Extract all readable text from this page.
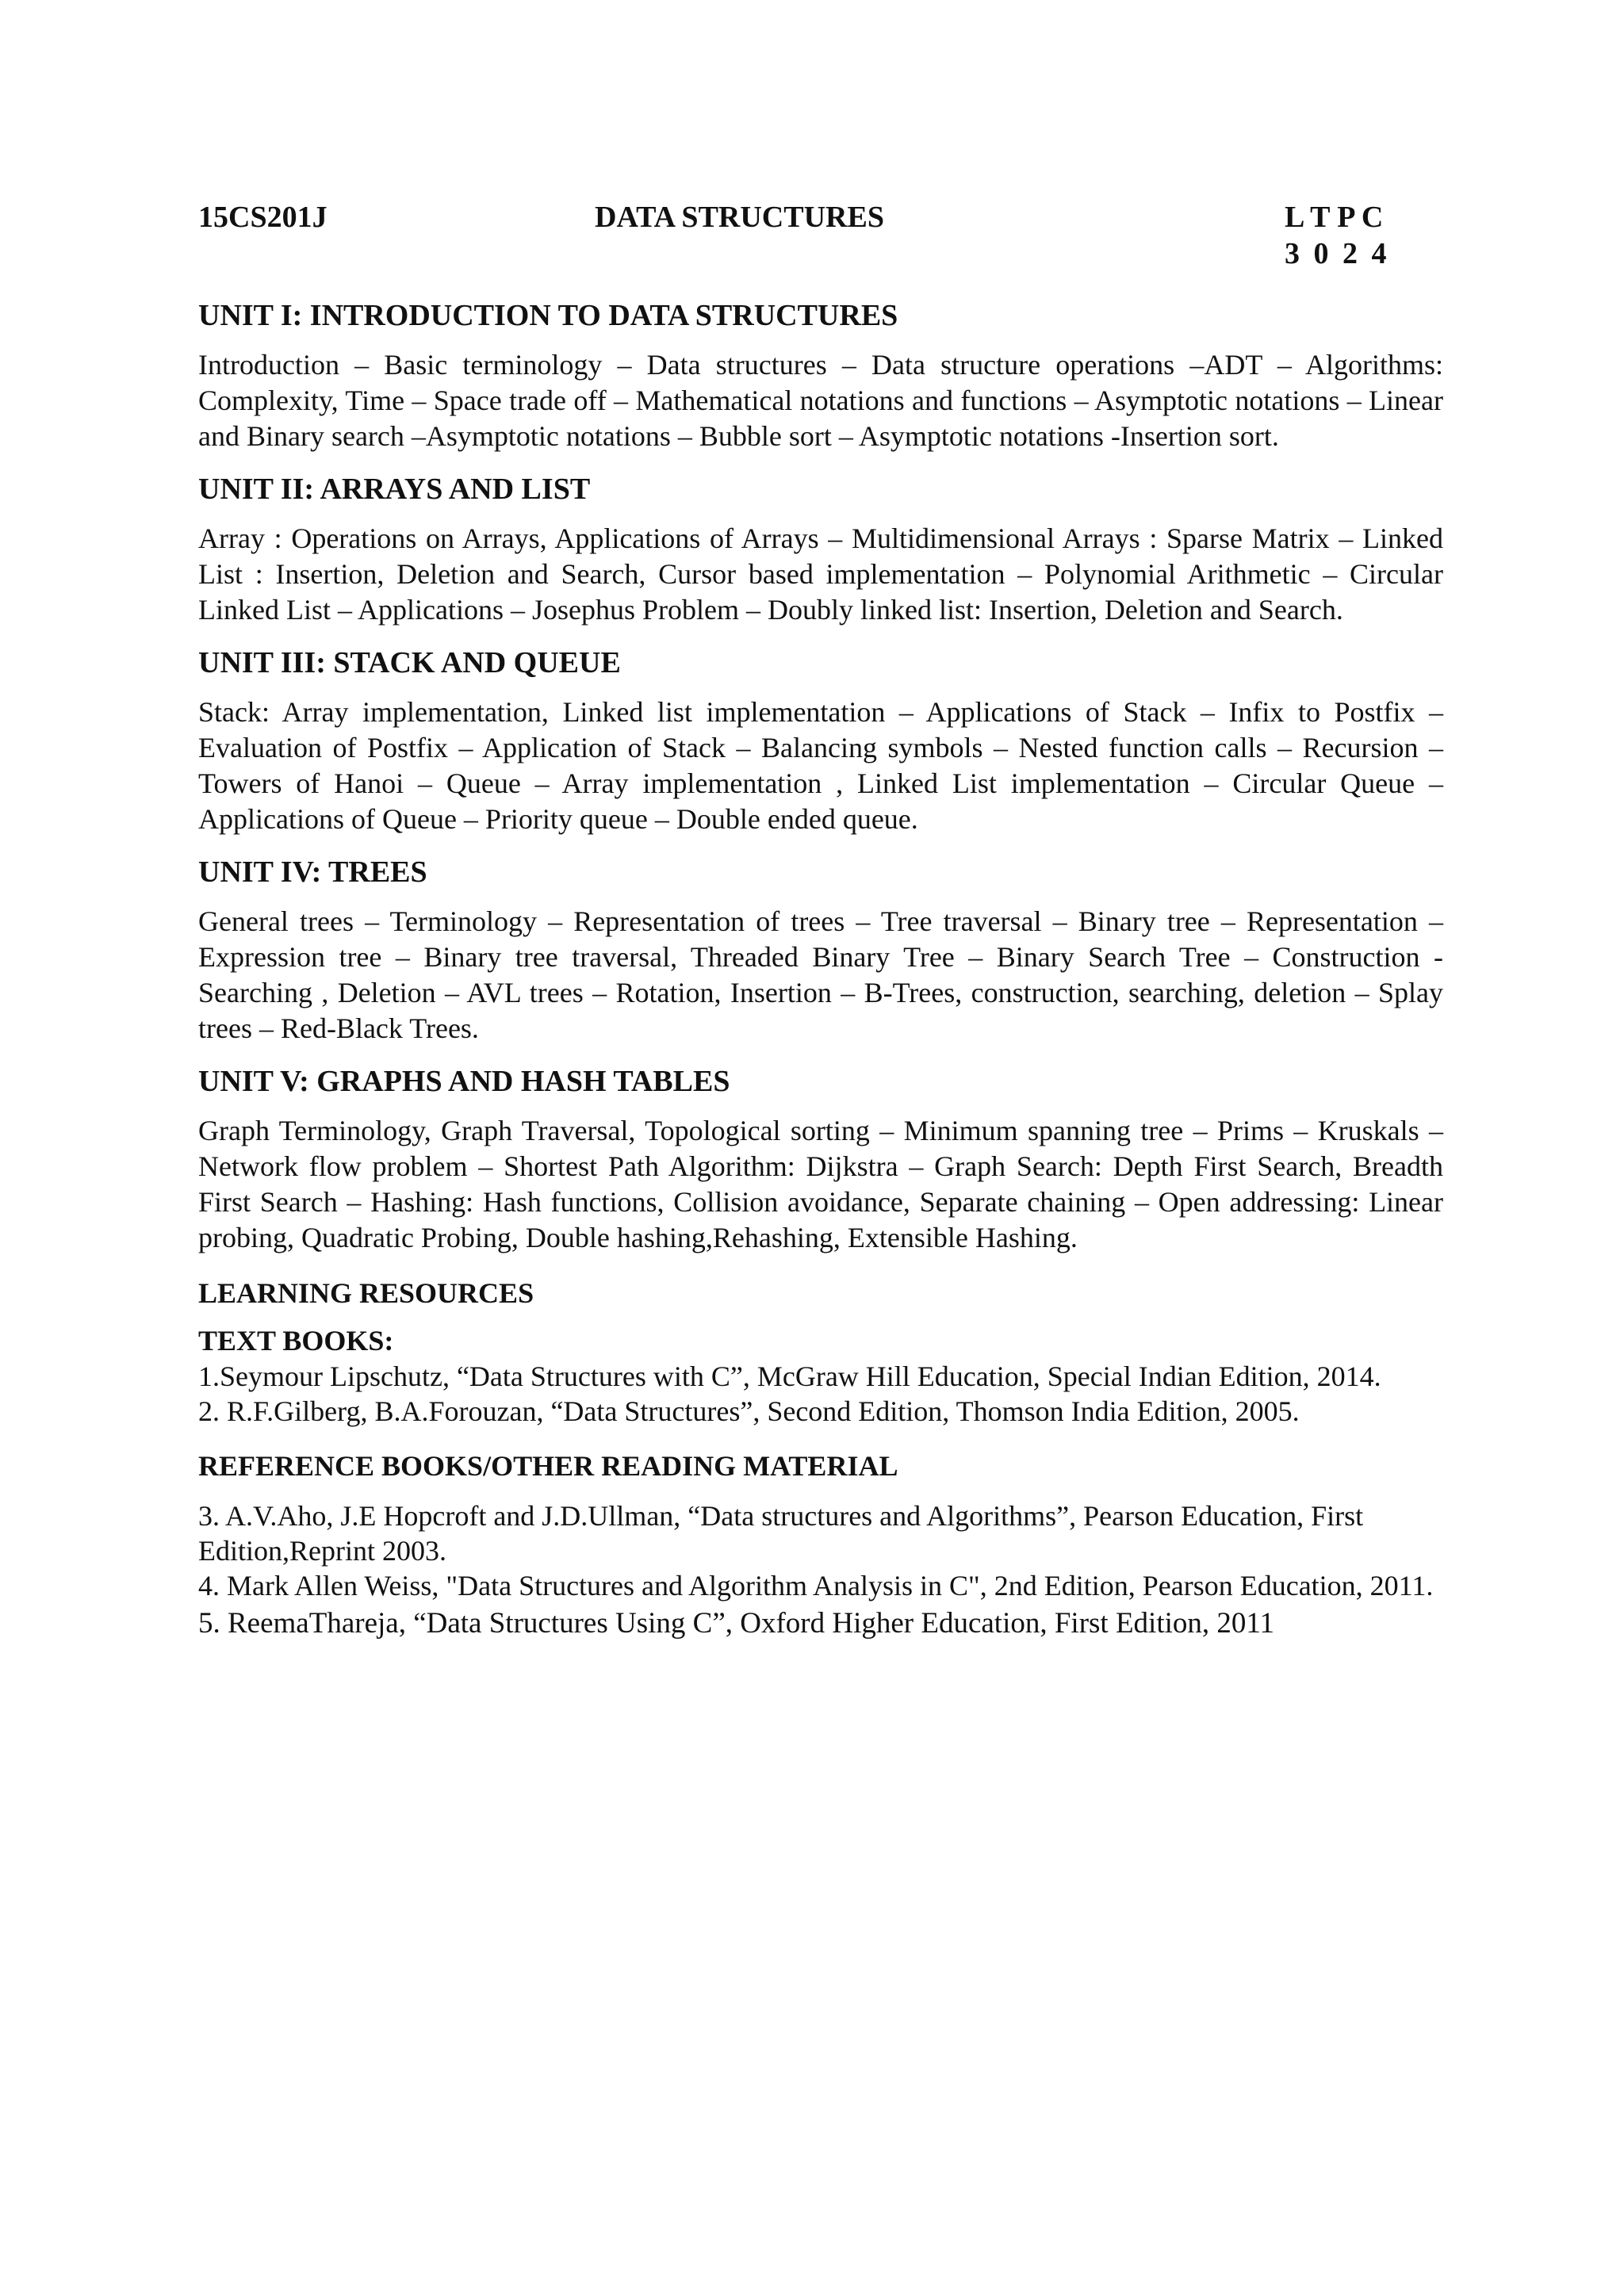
15CS201J	DATA STRUCTURES	L T P C
3 0 2 4
UNIT I: INTRODUCTION TO DATA STRUCTURES

Introduction – Basic terminology – Data structures – Data structure operations –ADT – Algorithms: Complexity, Time – Space trade off – Mathematical notations and functions – Asymptotic notations – Linear and Binary search –Asymptotic notations – Bubble sort – Asymptotic notations -Insertion sort.

UNIT II: ARRAYS AND LIST

Array : Operations on Arrays, Applications of Arrays – Multidimensional Arrays : Sparse Matrix – Linked List : Insertion, Deletion and Search, Cursor based implementation – Polynomial Arithmetic – Circular Linked List – Applications – Josephus Problem – Doubly linked list: Insertion, Deletion and Search.

UNIT III: STACK AND QUEUE

Stack: Array implementation, Linked list implementation – Applications of Stack – Infix to Postfix – Evaluation of Postfix – Application of Stack – Balancing symbols – Nested function calls – Recursion – Towers of Hanoi – Queue – Array implementation , Linked List implementation – Circular Queue – Applications of Queue – Priority queue – Double ended queue.

UNIT IV: TREES

General trees – Terminology – Representation of trees – Tree traversal – Binary tree – Representation – Expression tree – Binary tree traversal, Threaded Binary Tree – Binary Search Tree – Construction - Searching , Deletion – AVL trees – Rotation, Insertion – B-Trees, construction, searching, deletion – Splay trees – Red-Black Trees.

UNIT V: GRAPHS AND HASH TABLES

Graph Terminology, Graph Traversal, Topological sorting – Minimum spanning tree – Prims – Kruskals – Network flow problem – Shortest Path Algorithm: Dijkstra – Graph Search: Depth First Search, Breadth First Search – Hashing: Hash functions, Collision avoidance, Separate chaining – Open addressing: Linear probing, Quadratic Probing, Double hashing,Rehashing, Extensible Hashing.

LEARNING RESOURCES
TEXT BOOKS:

1.Seymour Lipschutz, “Data Structures with C”, McGraw Hill Education, Special Indian Edition, 2014.

2. R.F.Gilberg, B.A.Forouzan, “Data Structures”, Second Edition, Thomson India Edition, 2005.

REFERENCE BOOKS/OTHER READING MATERIAL

3. A.V.Aho, J.E Hopcroft and J.D.Ullman, “Data structures and Algorithms”, Pearson Education, First Edition,Reprint 2003.

4. Mark Allen Weiss, "Data Structures and Algorithm Analysis in C", 2nd Edition, Pearson Education, 2011.

5. ReemaThareja, “Data Structures Using C”, Oxford Higher Education, First Edition, 2011
